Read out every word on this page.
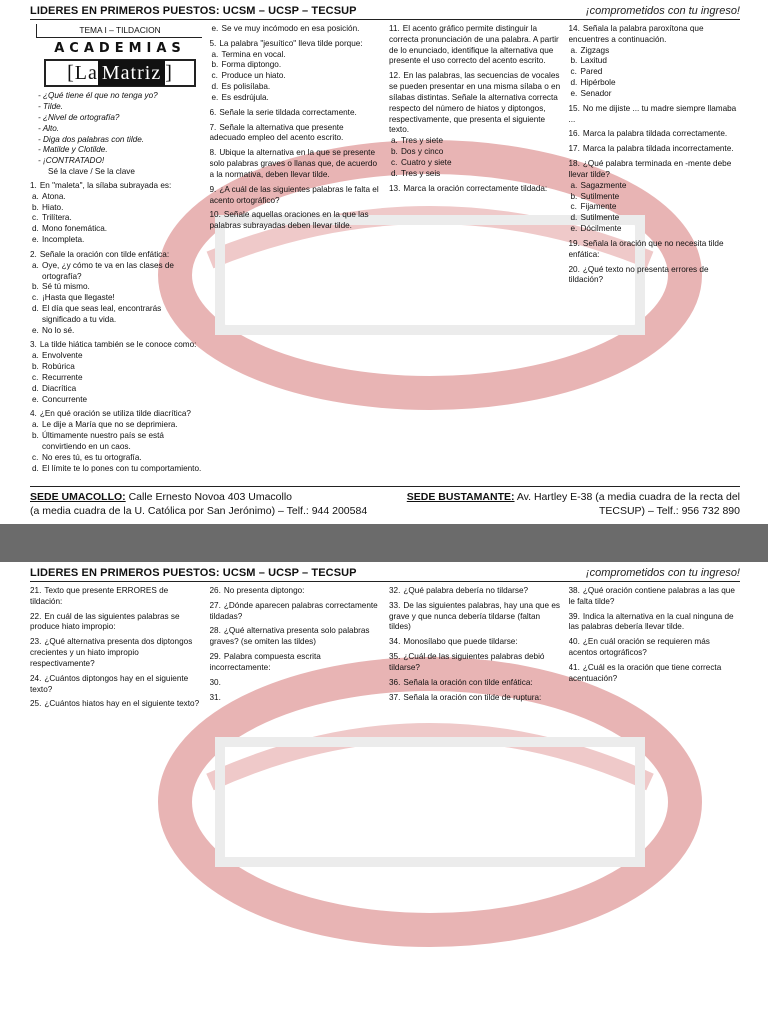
LIDERES EN PRIMEROS PUESTOS: UCSM – UCSP – TECSUP	¡comprometidos con tu ingreso!
TEMA I – TILDACION
ACADEMIAS
[ La Matriz ]
- ¿Qué tiene él que no tenga yo?
- Tilde.
- ¿Nivel de ortografía?
- Alto.
- Diga dos palabras con tilde.
- Matilde y Clotilde.
- ¡CONTRATADO!
Sé la clave / Se la clave
1. En "maleta", la sílaba subrayada es:
a. Atona.
b. Hiato.
c. Trilítera.
d. Mono fonemática.
e. Incompleta.
2. Señale la oración con tilde enfática:
a. Oye, ¿y cómo te va en las clases de ortografía?
b. Sé tú mismo.
c. ¡Hasta que llegaste!
d. El día que seas leal, encontrarás significado a tu vida.
e. No lo sé.
3. La tilde hiática también se le conoce como:
a. Envolvente
b. Robúrica
c. Recurrente
d. Diacrítica
e. Concurrente
4. ¿En qué oración se utiliza tilde diacrítica?
a. Le dije a María que no se deprimiera.
b. Últimamente nuestro país se está convirtiendo en un caos.
c. No eres tú, es tu ortografía.
d. El límite te lo pones con tu comportamiento.
e. Se ve muy incómodo en esa posición.
5. La palabra "jesuítico" lleva tilde porque:
a. Termina en vocal.
b. Forma diptongo.
c. Produce un hiato.
d. Es polisílaba.
e. Es esdrújula.
6. Señale la serie tildada correctamente.
7. Señale la alternativa que presente adecuado empleo del acento escrito.
8. Ubique la alternativa en la que se presente solo palabras graves o llanas que, de acuerdo a la normativa, deben llevar tilde.
9. ¿A cuál de las siguientes palabras le falta el acento ortográfico?
10. Señale aquellas oraciones en la que las palabras subrayadas deben llevar tilde.
11. El acento gráfico permite distinguir la correcta pronunciación de una palabra. A partir de lo enunciado, identifique la alternativa que presente el uso correcto del acento escrito.
12. En las palabras, las secuencias de vocales se pueden presentar en una misma sílaba o en sílabas distintas. Señale la alternativa correcta respecto del número de hiatos y diptongos, respectivamente, que presenta el siguiente texto.
a. Tres y siete
b. Dos y cinco
c. Cuatro y siete
d. Tres y seis
13. Marca la oración correctamente tildada:
14. Señala la palabra paroxítona que encuentres a continuación.
a. Zigzags
b. Laxitud
c. Pared
d. Hipérbole
e. Senador
15. No me dijiste ... tu madre siempre llamaba ...
16. Marca la palabra tildada correctamente.
17. Marca la palabra tildada incorrectamente.
18. ¿Qué palabra terminada en -mente debe llevar tilde?
a. Sagazmente
b. Sutilmente
c. Fijamente
d. Sutilmente
e. Dócilmente
19. Señala la oración que no necesita tilde enfática:
20. ¿Qué texto no presenta errores de tildación?
SEDE UMACOLLO: Calle Ernesto Novoa 403 Umacollo
(a media cuadra de la U. Católica por San Jerónimo) – Telf.: 944 200584
SEDE BUSTAMANTE: Av. Hartley E-38 (a media cuadra de la recta del
TECSUP) – Telf.: 956 732 890
LIDERES EN PRIMEROS PUESTOS: UCSM – UCSP – TECSUP	¡comprometidos con tu ingreso!
21. Texto que presente ERRORES de tildación:
22. En cuál de las siguientes palabras se produce hiato impropio:
23. ¿Qué alternativa presenta dos diptongos crecientes y un hiato impropio respectivamente?
24. ¿Cuántos diptongos hay en el siguiente texto?
25. ¿Cuántos hiatos hay en el siguiente texto?
26. No presenta diptongo:
27. ¿Dónde aparecen palabras correctamente tildadas?
28. ¿Qué alternativa presenta solo palabras graves? (se omiten las tildes)
29. Palabra compuesta escrita incorrectamente:
30.
31.
32. ¿Qué palabra debería no tildarse?
33. De las siguientes palabras, hay una que es grave y que nunca debería tildarse (faltan tildes)
34. Monosílabo que puede tildarse:
35. ¿Cuál de las siguientes palabras debió tildarse?
36. Señala la oración con tilde enfática:
37. Señala la oración con tilde de ruptura:
38. ¿Qué oración contiene palabras a las que le falta tilde?
39. Indica la alternativa en la cual ninguna de las palabras debería llevar tilde.
40. ¿En cuál oración se requieren más acentos ortográficos?
41. ¿Cuál es la oración que tiene correcta acentuación?
